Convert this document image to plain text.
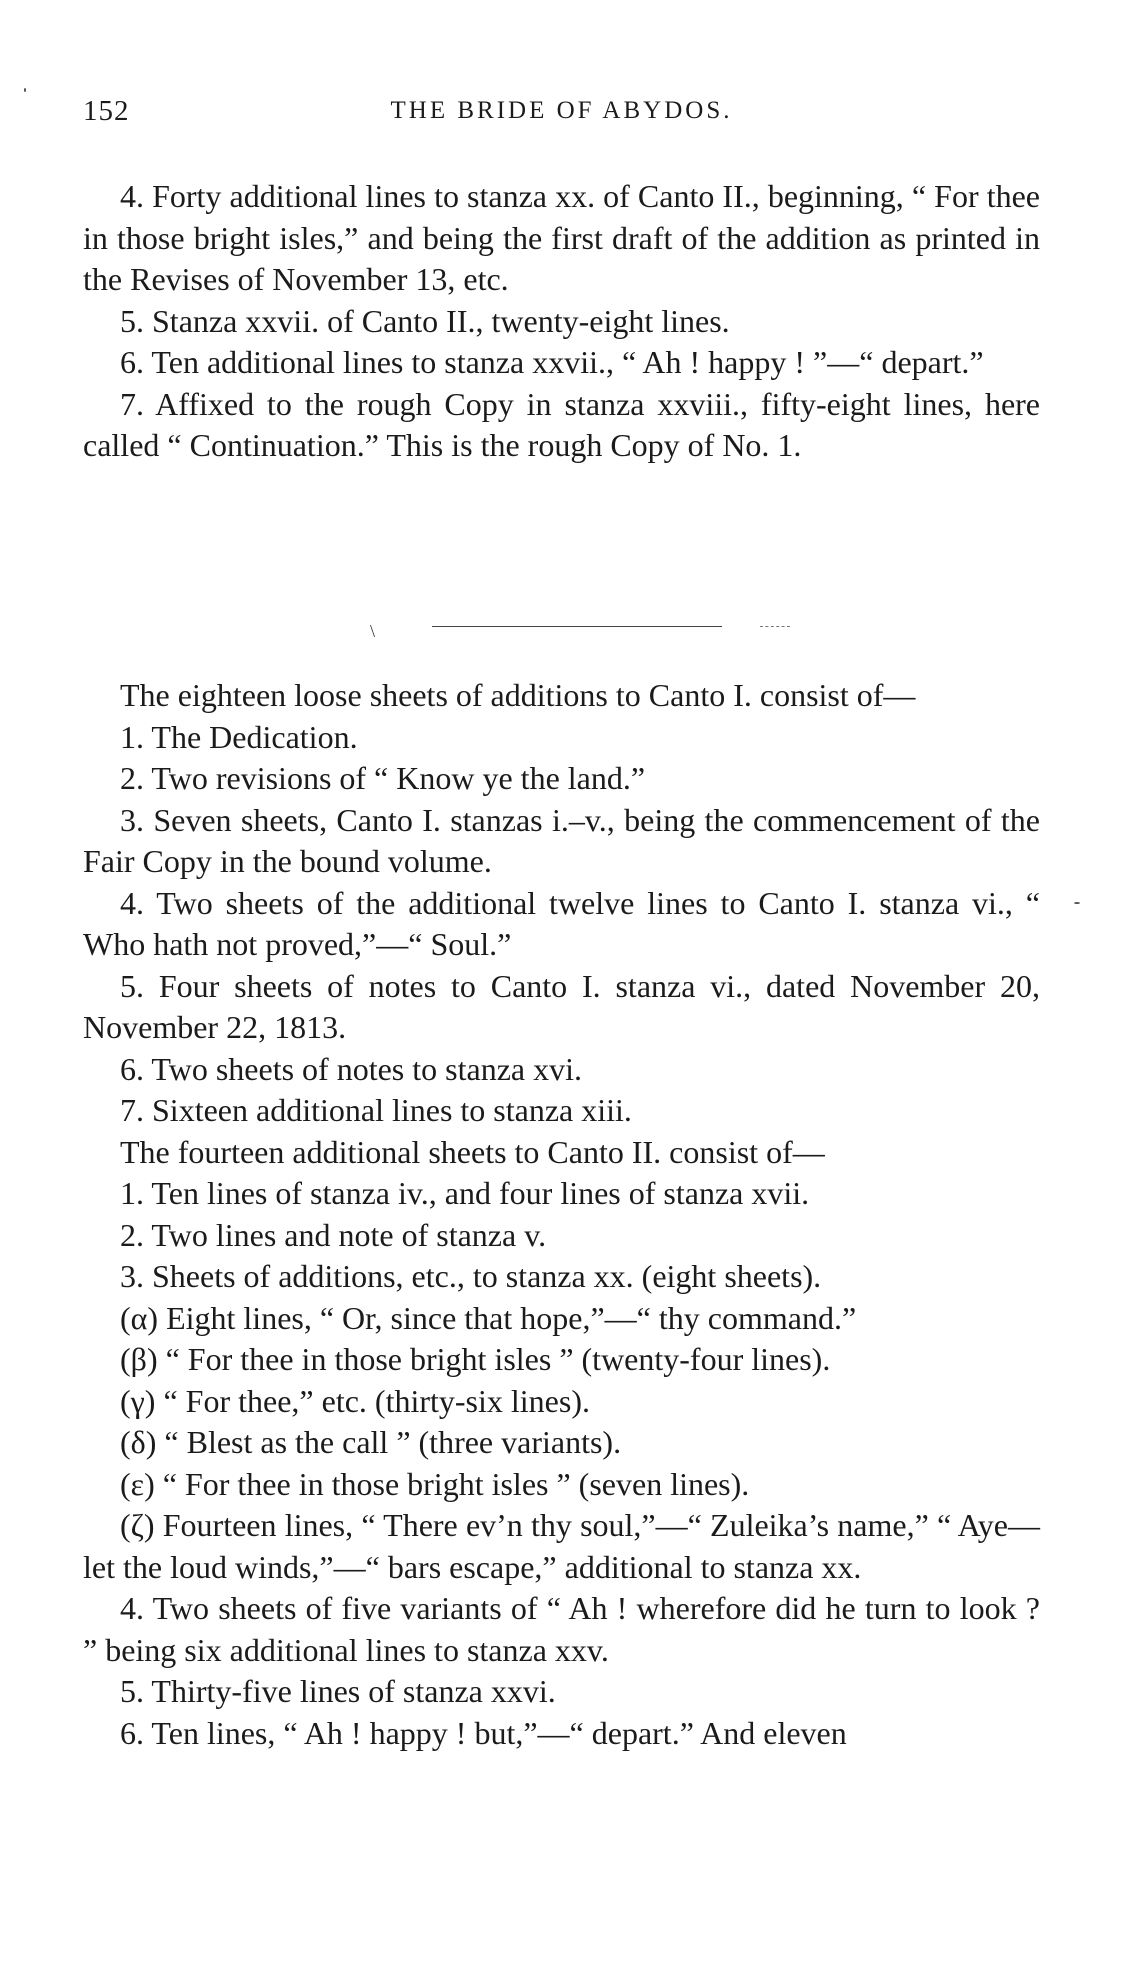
152	THE BRIDE OF ABYDOS.

4. Forty additional lines to stanza xx. of Canto II., beginning, “ For thee in those bright isles,” and being the first draft of the addition as printed in the Revises of November 13, etc.

5. Stanza xxvii. of Canto II., twenty-eight lines.

6. Ten additional lines to stanza xxvii., “ Ah ! happy ! ”—“ depart.”

7. Affixed to the rough Copy in stanza xxviii., fifty-eight lines, here called “ Continuation.” This is the rough Copy of No. 1.

\

The eighteen loose sheets of additions to Canto I. consist of—

1. The Dedication.

2. Two revisions of “ Know ye the land.”

3. Seven sheets, Canto I. stanzas i.–v., being the commencement of the Fair Copy in the bound volume.

4. Two sheets of the additional twelve lines to Canto I. stanza vi., “ Who hath not proved,”—“ Soul.”

5. Four sheets of notes to Canto I. stanza vi., dated November 20, November 22, 1813.

6. Two sheets of notes to stanza xvi.

7. Sixteen additional lines to stanza xiii.

The fourteen additional sheets to Canto II. consist of—

1. Ten lines of stanza iv., and four lines of stanza xvii.

2. Two lines and note of stanza v.

3. Sheets of additions, etc., to stanza xx. (eight sheets).

(α) Eight lines, “ Or, since that hope,”—“ thy command.”

(β) “ For thee in those bright isles ” (twenty-four lines).

(γ) “ For thee,” etc. (thirty-six lines).

(δ) “ Blest as the call ” (three variants).

(ε) “ For thee in those bright isles ” (seven lines).

(ζ) Fourteen lines, “ There ev’n thy soul,”—“ Zuleika’s name,” “ Aye—let the loud winds,”—“ bars escape,” additional to stanza xx.

4. Two sheets of five variants of “ Ah ! wherefore did he turn to look ? ” being six additional lines to stanza xxv.

5. Thirty-five lines of stanza xxvi.

6. Ten lines, “ Ah ! happy ! but,”—“ depart.” And eleven
